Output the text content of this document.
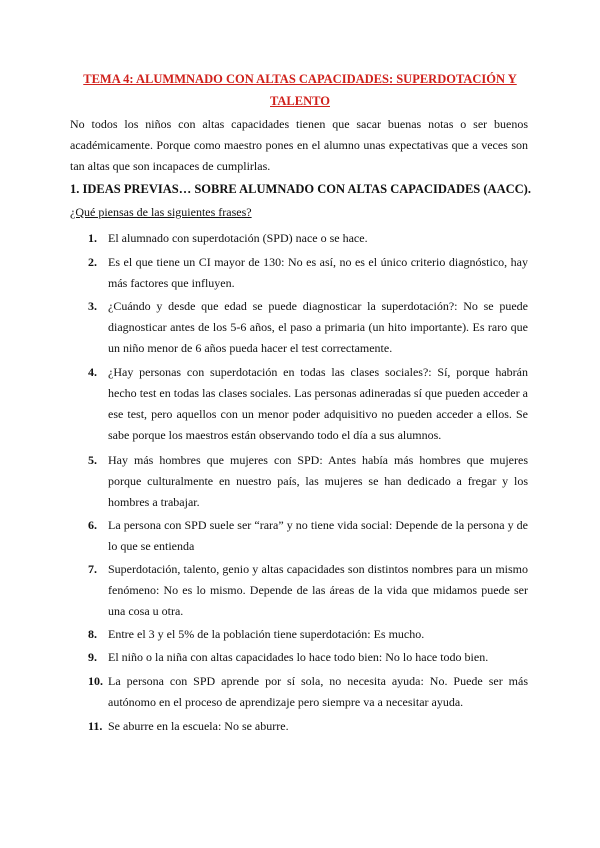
TEMA 4: ALUMMNADO CON ALTAS CAPACIDADES: SUPERDOTACIÓN Y TALENTO
No todos los niños con altas capacidades tienen que sacar buenas notas o ser buenos académicamente. Porque como maestro pones en el alumno unas expectativas que a veces son tan altas que son incapaces de cumplirlas.
1. IDEAS PREVIAS… SOBRE ALUMNADO CON ALTAS CAPACIDADES (AACC).
¿Qué piensas de las siguientes frases?
1. El alumnado con superdotación (SPD) nace o se hace.
2. Es el que tiene un CI mayor de 130: No es así, no es el único criterio diagnóstico, hay más factores que influyen.
3. ¿Cuándo y desde que edad se puede diagnosticar la superdotación?: No se puede diagnosticar antes de los 5-6 años, el paso a primaria (un hito importante). Es raro que un niño menor de 6 años pueda hacer el test correctamente.
4. ¿Hay personas con superdotación en todas las clases sociales?: Sí, porque habrán hecho test en todas las clases sociales. Las personas adineradas sí que pueden acceder a ese test, pero aquellos con un menor poder adquisitivo no pueden acceder a ellos. Se sabe porque los maestros están observando todo el día a sus alumnos.
5. Hay más hombres que mujeres con SPD: Antes había más hombres que mujeres porque culturalmente en nuestro país, las mujeres se han dedicado a fregar y los hombres a trabajar.
6. La persona con SPD suele ser “rara” y no tiene vida social: Depende de la persona y de lo que se entienda
7. Superdotación, talento, genio y altas capacidades son distintos nombres para un mismo fenómeno: No es lo mismo. Depende de las áreas de la vida que midamos puede ser una cosa u otra.
8. Entre el 3 y el 5% de la población tiene superdotación: Es mucho.
9. El niño o la niña con altas capacidades lo hace todo bien: No lo hace todo bien.
10. La persona con SPD aprende por sí sola, no necesita ayuda: No. Puede ser más autónomo en el proceso de aprendizaje pero siempre va a necesitar ayuda.
11. Se aburre en la escuela: No se aburre.
